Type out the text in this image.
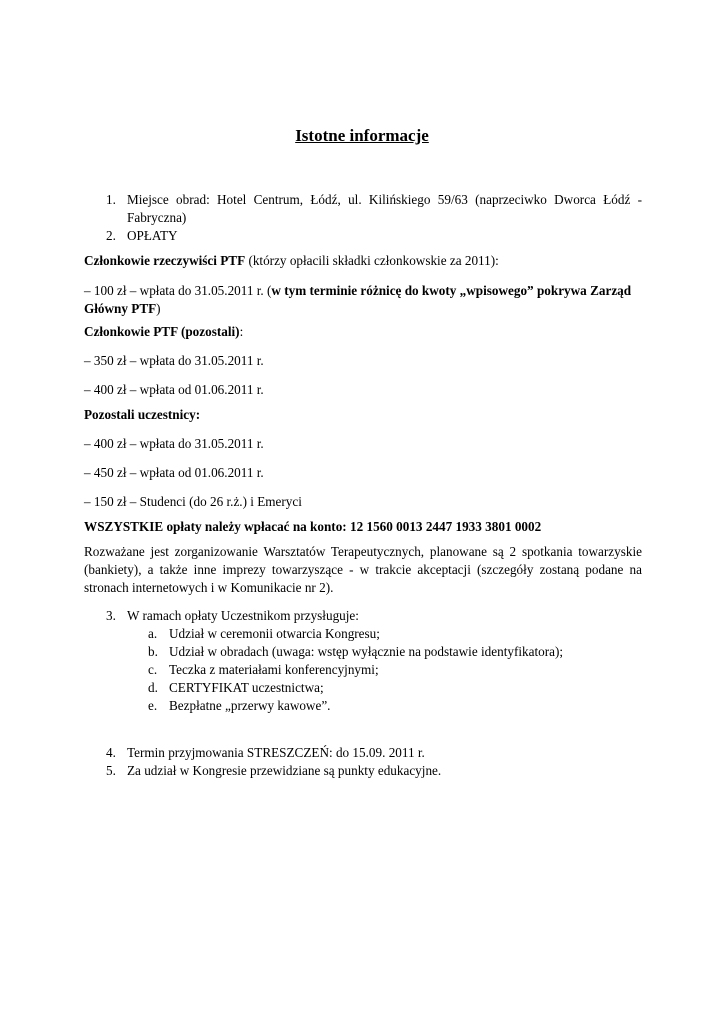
Istotne informacje
1. Miejsce obrad: Hotel Centrum, Łódź, ul. Kilińskiego 59/63 (naprzeciwko Dworca Łódź -
Fabryczna)
2. OPŁATY
Członkowie rzeczywiści PTF (którzy opłacili składki członkowskie za 2011):
– 100 zł – wpłata do 31.05.2011 r. (w tym terminie różnicę do kwoty „wpisowego” pokrywa Zarząd
Główny PTF)
Członkowie PTF (pozostali):
– 350 zł – wpłata do 31.05.2011 r.
– 400 zł – wpłata od 01.06.2011 r.
Pozostali uczestnicy:
– 400 zł – wpłata do 31.05.2011 r.
– 450 zł – wpłata od 01.06.2011 r.
– 150 zł – Studenci (do 26 r.ż.) i Emeryci
WSZYSTKIE opłaty należy wpłacać na konto: 12 1560 0013 2447 1933 3801 0002
Rozważane jest zorganizowanie Warsztatów Terapeutycznych, planowane są 2 spotkania towarzyskie
(bankiety), a także inne imprezy towarzyszące - w trakcie akceptacji (szczegóły zostaną podane na
stronach internetowych i w Komunikacie nr 2).
3. W ramach opłaty Uczestnikom przysługuje:
a. Udział w ceremonii otwarcia Kongresu;
b. Udział w obradach (uwaga: wstęp wyłącznie na podstawie identyfikatora);
c. Teczka z materiałami konferencyjnymi;
d. CERTYFIKAT uczestnictwa;
e. Bezpłatne „przerwy kawowe”.
4. Termin przyjmowania STRESZCZEŃ: do 15.09. 2011 r.
5. Za udział w Kongresie przewidziane są punkty edukacyjne.
